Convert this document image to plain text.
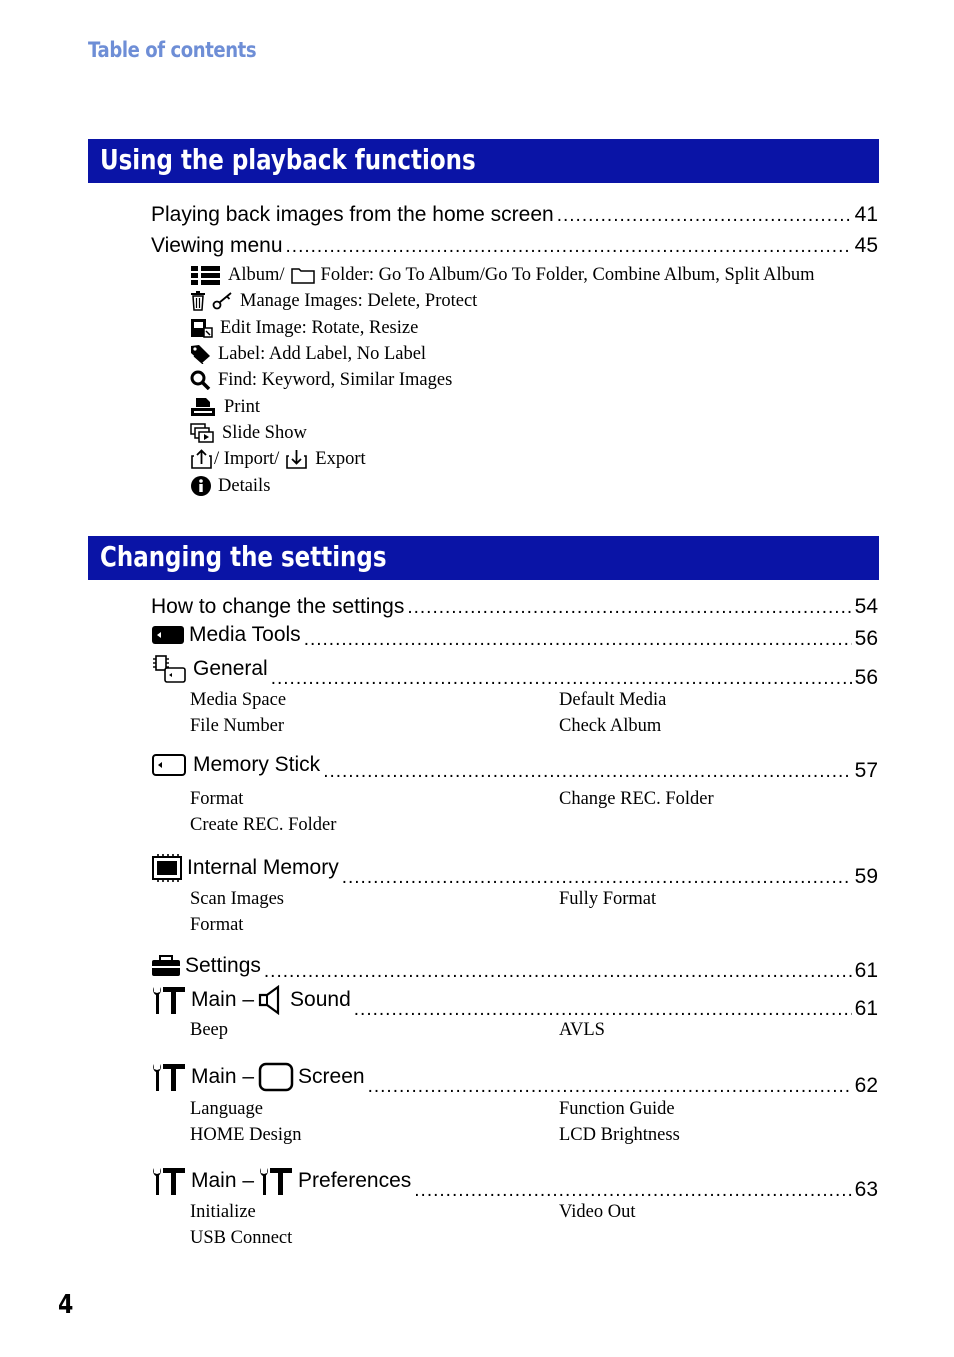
Table of contents
Using the playback functions
Playing back images from the home screen .....	41
Viewing menu .....	45
Album/ Folder: Go To Album/Go To Folder, Combine Album, Split Album
Manage Images: Delete, Protect
Edit Image: Rotate, Resize
Label: Add Label, No Label
Find: Keyword, Similar Images
Print
Slide Show
/ Import/ Export
Details
Changing the settings
How to change the settings .....	54
Media Tools .....	56
General .....	56
Media Space	Default Media
File Number	Check Album
Memory Stick .....	57
Format	Change REC. Folder
Create REC. Folder
Internal Memory .....	59
Scan Images	Fully Format
Format
Settings .....	61
Main – Sound .....	61
Beep	AVLS
Main – Screen .....	62
Language	Function Guide
HOME Design	LCD Brightness
Main – Preferences .....	63
Initialize	Video Out
USB Connect
4
